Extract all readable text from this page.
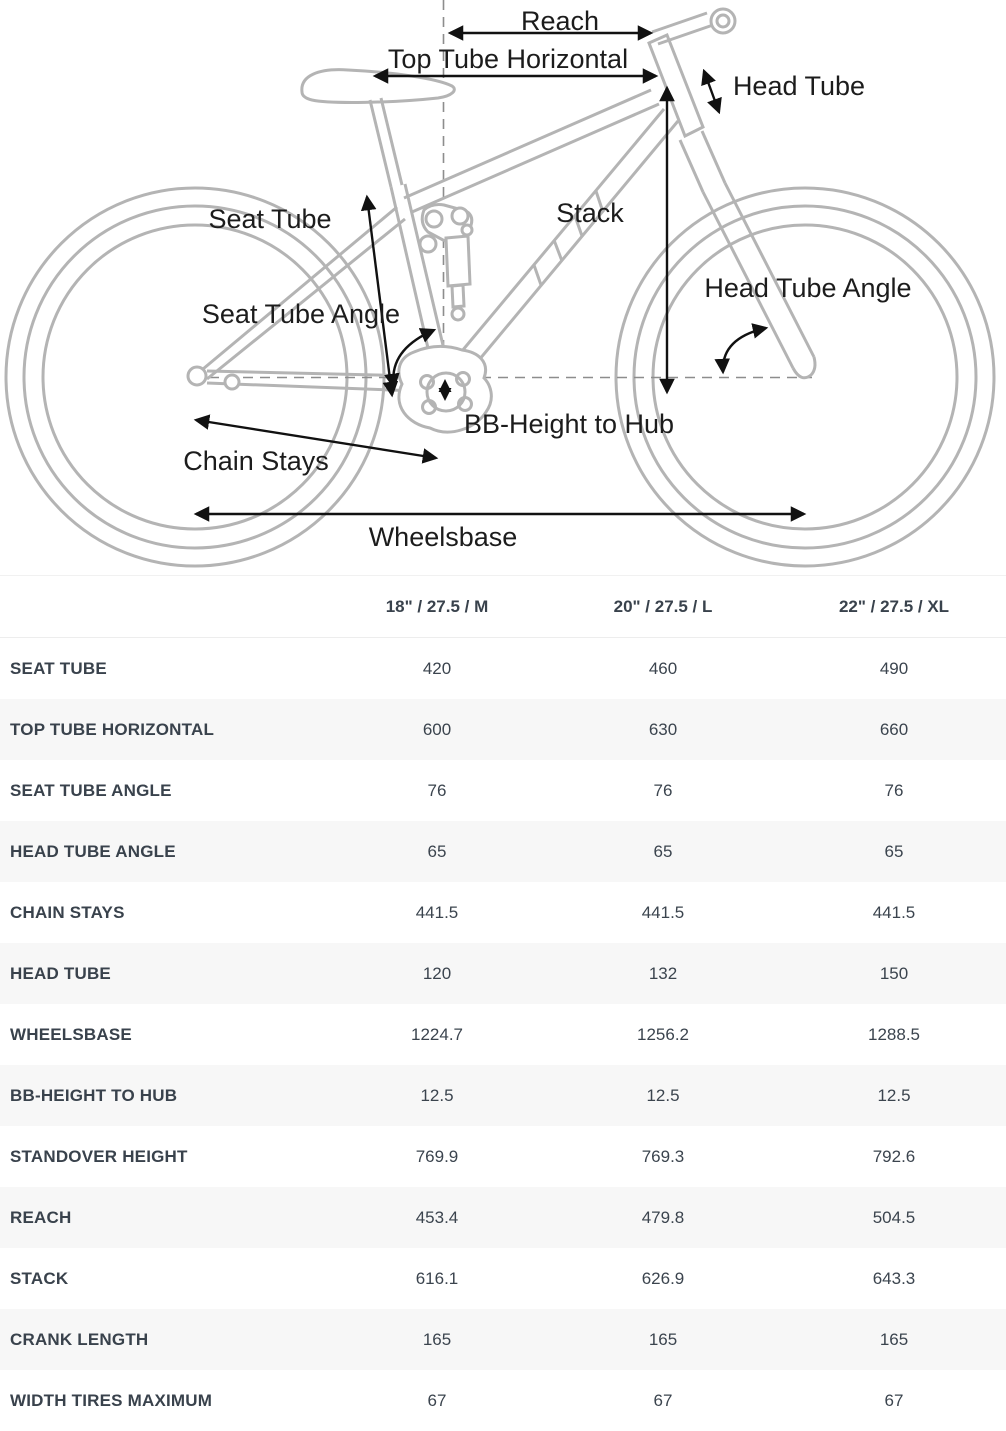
Reach
Top Tube Horizontal
Head Tube
Seat Tube	Stack
Head Tube Angle
Seat Tube Angle
BB-Height to Hub
Chain Stays
Wheelsbase
18" / 27.5 / M	20" / 27.5 / L	22" / 27.5 / XL
SEAT TUBE	420	460	490
TOP TUBE HORIZONTAL	600	630	660
SEAT TUBE ANGLE	76	76	76
HEAD TUBE ANGLE	65	65	65
CHAIN STAYS	441.5	441.5	441.5
HEAD TUBE	120	132	150
WHEELSBASE	1224.7	1256.2	1288.5
BB-HEIGHT TO HUB	12.5	12.5	12.5
STANDOVER HEIGHT	769.9	769.3	792.6
REACH	453.4	479.8	504.5
STACK	616.1	626.9	643.3
CRANK LENGTH	165	165	165
WIDTH TIRES MAXIMUM	67	67	67
